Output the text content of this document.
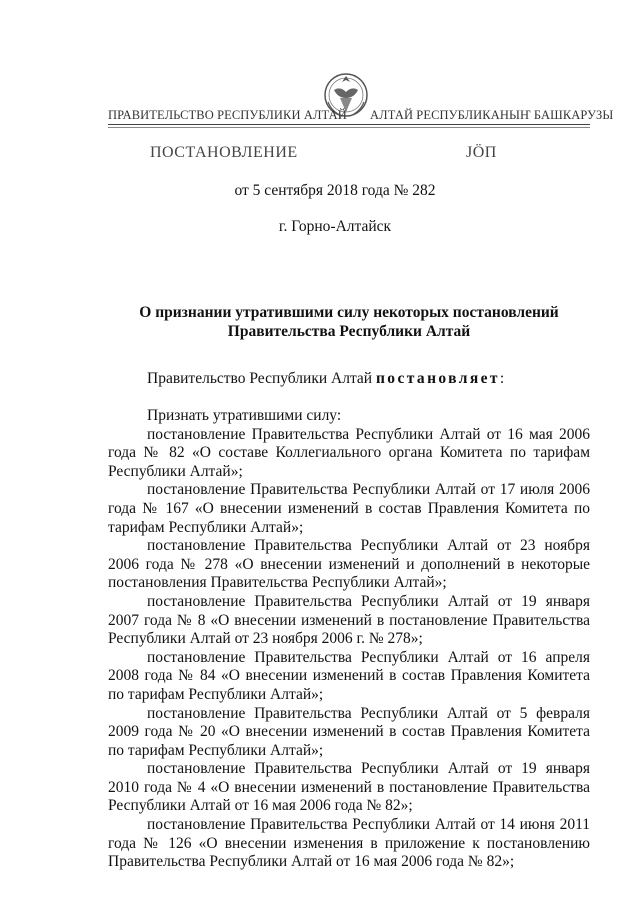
ПРАВИТЕЛЬСТВО РЕСПУБЛИКИ АЛТАЙ АЛТАЙ РЕСПУБЛИКАНЫҤ БАШКАРУЗЫ
ПОСТАНОВЛЕНИЕ	ЈӦП
от 5 сентября 2018 года № 282
г. Горно-Алтайск
О признании утратившими силу некоторых постановлений
Правительства Республики Алтай
Правительство Республики Алтай постановляет:

Признать утратившими силу:

постановление Правительства Республики Алтай от 16 мая 2006 года № 82 «О составе Коллегиального органа Комитета по тарифам Республики Алтай»;

постановление Правительства Республики Алтай от 17 июля 2006 года № 167 «О внесении изменений в состав Правления Комитета по тарифам Республики Алтай»;

постановление Правительства Республики Алтай от 23 ноября 2006 года № 278 «О внесении изменений и дополнений в некоторые постановления Правительства Республики Алтай»;

постановление Правительства Республики Алтай от 19 января 2007 года № 8 «О внесении изменений в постановление Правительства Республики Алтай от 23 ноября 2006 г. № 278»;

постановление Правительства Республики Алтай от 16 апреля 2008 года № 84 «О внесении изменений в состав Правления Комитета по тарифам Республики Алтай»;

постановление Правительства Республики Алтай от 5 февраля 2009 года № 20 «О внесении изменений в состав Правления Комитета по тарифам Республики Алтай»;

постановление Правительства Республики Алтай от 19 января 2010 года № 4 «О внесении изменений в постановление Правительства Республики Алтай от 16 мая 2006 года № 82»;

постановление Правительства Республики Алтай от 14 июня 2011 года № 126 «О внесении изменения в приложение к постановлению Правительства Республики Алтай от 16 мая 2006 года № 82»;
